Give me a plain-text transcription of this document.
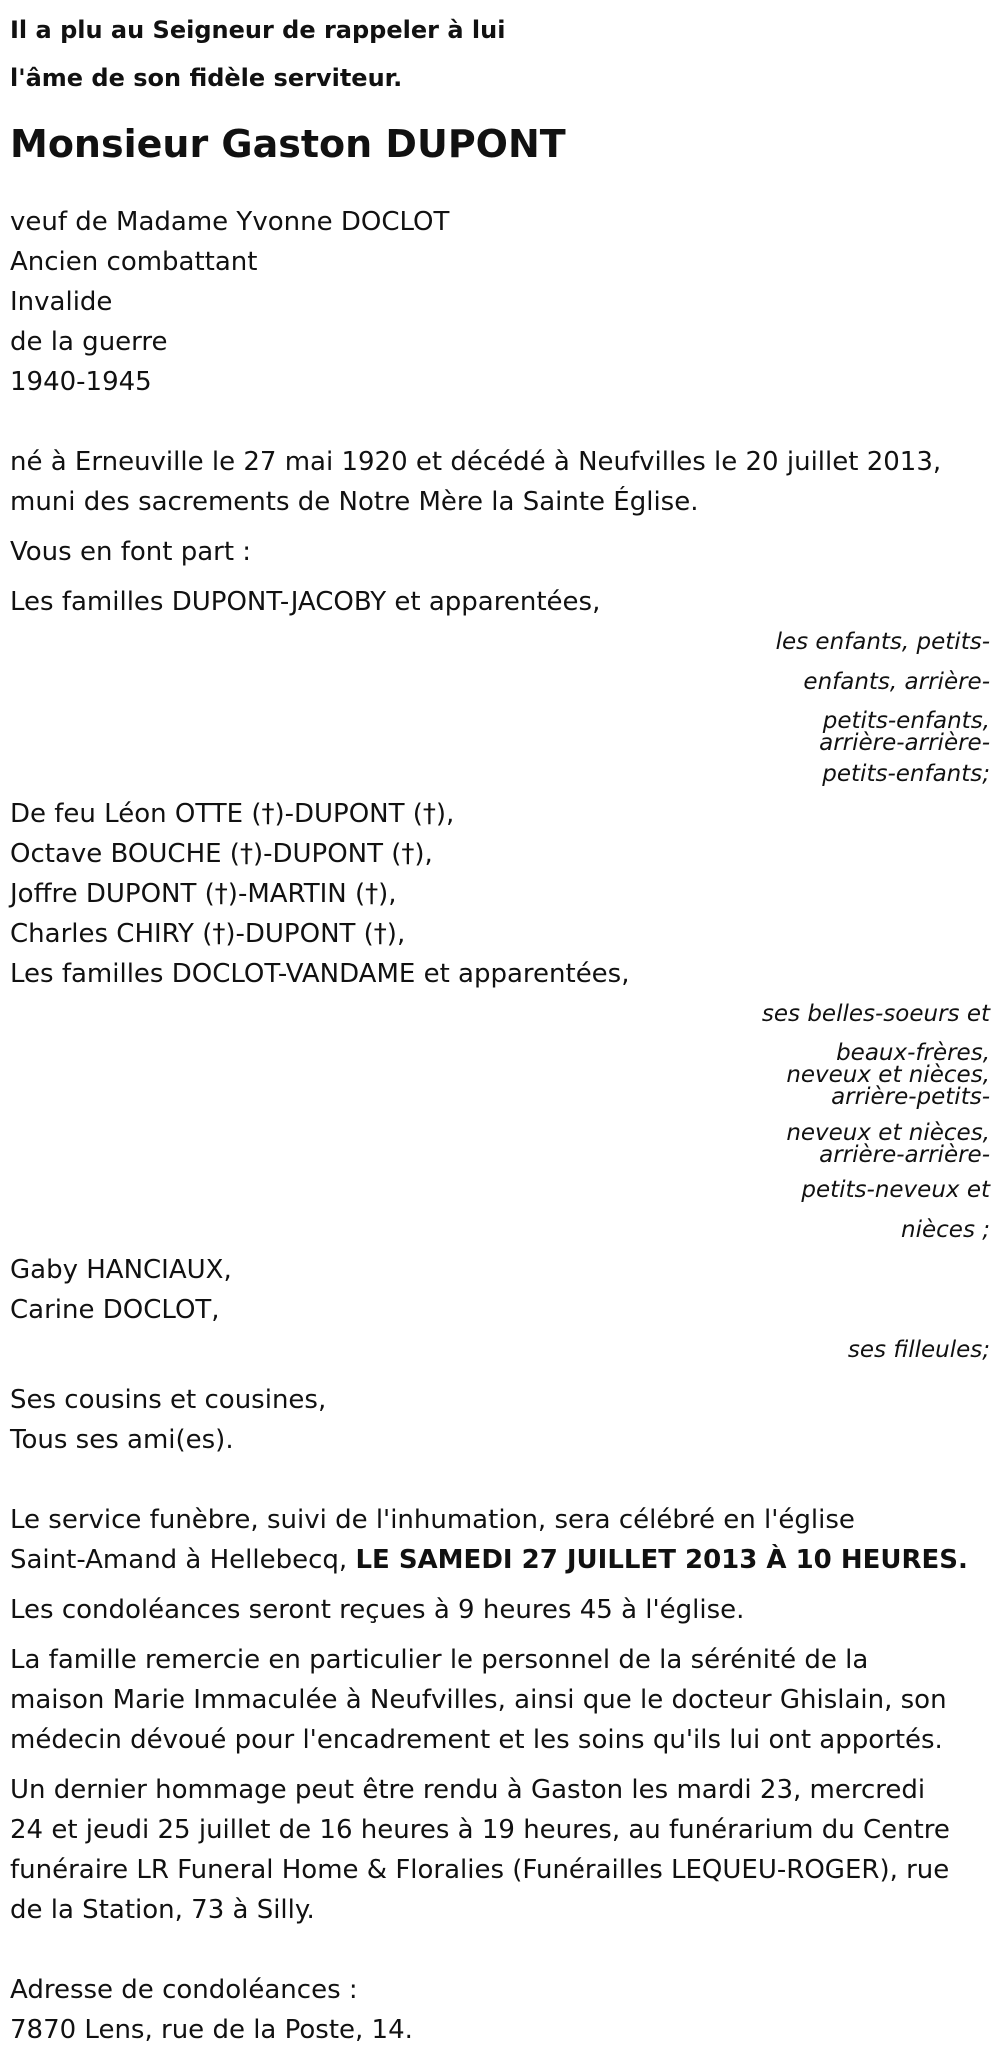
Il a plu au Seigneur de rappeler à lui
l'âme de son fidèle serviteur.

Monsieur Gaston DUPONT
veuf de Madame Yvonne DOCLOT
Ancien combattant
Invalide
de la guerre
1940-1945
né à Erneuville le 27 mai 1920 et décédé à Neufvilles le 20 juillet 2013,
muni des sacrements de Notre Mère la Sainte Église.
Vous en font part :
Les familles DUPONT-JACOBY et apparentées,
les enfants, petits-
enfants, arrière-
petits-enfants,
arrière-arrière-
petits-enfants;
De feu Léon OTTE (†)-DUPONT (†),
Octave BOUCHE (†)-DUPONT (†),
Joffre DUPONT (†)-MARTIN (†),
Charles CHIRY (†)-DUPONT (†),
Les familles DOCLOT-VANDAME et apparentées,
ses belles-soeurs et
beaux-frères,
neveux et nièces,
arrière-petits-
neveux et nièces,
arrière-arrière-
petits-neveux et
nièces ;
Gaby HANCIAUX,
Carine DOCLOT,
ses filleules;
Ses cousins et cousines,
Tous ses ami(es).
Le service funèbre, suivi de l'inhumation, sera célébré en l'église
Saint-Amand à Hellebecq, LE SAMEDI 27 JUILLET 2013 À 10 HEURES.
Les condoléances seront reçues à 9 heures 45 à l'église.
La famille remercie en particulier le personnel de la sérénité de la
maison Marie Immaculée à Neufvilles, ainsi que le docteur Ghislain, son
médecin dévoué pour l'encadrement et les soins qu'ils lui ont apportés.
Un dernier hommage peut être rendu à Gaston les mardi 23, mercredi
24 et jeudi 25 juillet de 16 heures à 19 heures, au funérarium du Centre
funéraire LR Funeral Home & Floralies (Funérailles LEQUEU-ROGER), rue
de la Station, 73 à Silly.
Adresse de condoléances :
7870 Lens, rue de la Poste, 14.
